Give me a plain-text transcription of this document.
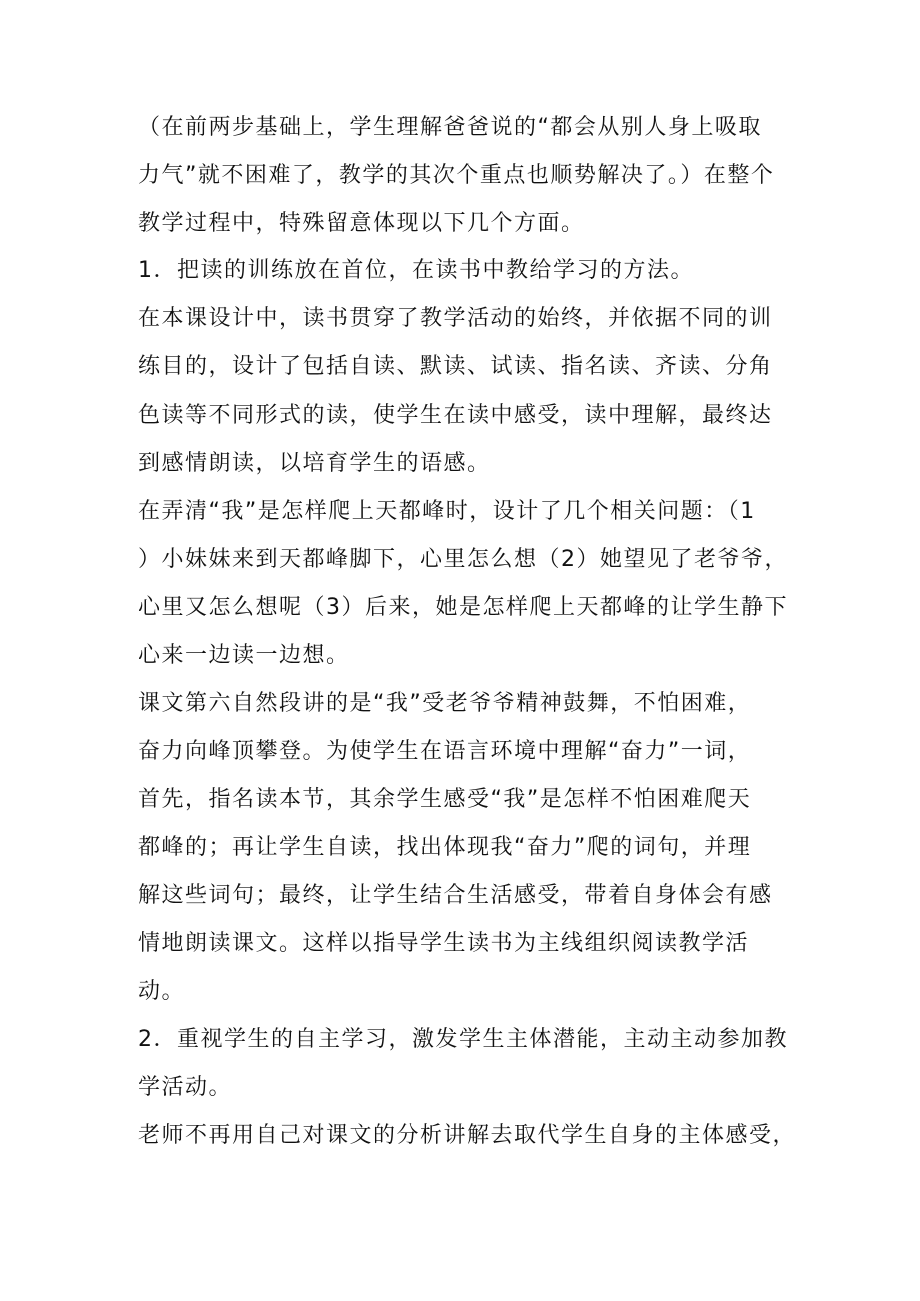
（在前两步基础上，学生理解爸爸说的“都会从别人身上吸取
力气”就不困难了，教学的其次个重点也顺势解决了。）在整个
教学过程中，特殊留意体现以下几个方面。
1．把读的训练放在首位，在读书中教给学习的方法。
在本课设计中，读书贯穿了教学活动的始终，并依据不同的训
练目的，设计了包括自读、默读、试读、指名读、齐读、分角
色读等不同形式的读，使学生在读中感受，读中理解，最终达
到感情朗读，以培育学生的语感。
在弄清“我”是怎样爬上天都峰时，设计了几个相关问题：（1
）小妹妹来到天都峰脚下，心里怎么想（2）她望见了老爷爷，
心里又怎么想呢（3）后来，她是怎样爬上天都峰的让学生静下
心来一边读一边想。
课文第六自然段讲的是“我”受老爷爷精神鼓舞，不怕困难，
奋力向峰顶攀登。为使学生在语言环境中理解“奋力”一词，
首先，指名读本节，其余学生感受“我”是怎样不怕困难爬天
都峰的；再让学生自读，找出体现我“奋力”爬的词句，并理
解这些词句；最终，让学生结合生活感受，带着自身体会有感
情地朗读课文。这样以指导学生读书为主线组织阅读教学活
动。
2．重视学生的自主学习，激发学生主体潜能，主动主动参加教
学活动。
老师不再用自己对课文的分析讲解去取代学生自身的主体感受，
